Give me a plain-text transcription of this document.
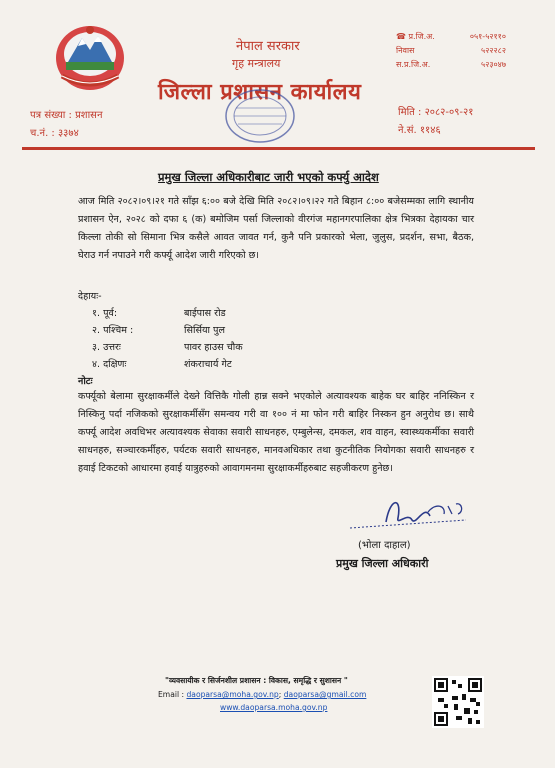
नेपाल सरकार
गृह मन्त्रालय
जिल्ला प्रशासन कार्यालय
☎ प्र.जि.अ.	०५१-५२११०
निवास	५२२२८२
स.प्र.जि.अ.	५२३०४७
पत्र संख्या : प्रशासन
च.नं. : ३३७४
मिति : २०८२-०९-२१
ने.सं. ११४६
प्रमुख जिल्ला अधिकारीबाट जारी भएको कर्फ्यु आदेश
आज मिति २०८२।०९।२१ गते साँझ ६:०० बजे देखि मिति २०८२।०९।२२ गते बिहान ८:०० बजेसम्मका लागि स्थानीय प्रशासन ऐन, २०२८ को दफा ६ (क) बमोजिम पर्सा जिल्लाको वीरगंज महानगरपालिका क्षेत्र भित्रका देहायका चार किल्ला तोकी सो सिमाना भित्र कसैले आवत जावत गर्न, कुनै पनि प्रकारको भेला, जुलुस, प्रदर्शन, सभा, बैठक, घेराउ गर्न नपाउने गरी कर्फ्यू आदेश जारी गरिएको छ।
देहायः-
१. पूर्व:	बाईपास रोड
२. पश्चिम :	सिर्सिया पुल
३. उत्तरः	पावर हाउस चौक
४. दक्षिणः	शंकराचार्य गेट
नोटः
कर्फ्यूको बेलामा सुरक्षाकर्मीले देख्ने वित्तिकै गोली हान्न सक्ने भएकोले अत्यावश्यक बाहेक घर बाहिर ननिस्किन र निस्किनु पर्दा नजिकको सुरक्षाकर्मीसँग समन्वय गरी वा १०० नं मा फोन गरी बाहिर निस्कन हुन अनुरोध छ। साथै कर्फ्यू आदेश अवधिभर अत्यावश्यक सेवाका सवारी साधनहरु, एम्बुलेन्स, दमकल, शव वाहन, स्वास्थ्यकर्मीका सवारी साधनहरु, सञ्चारकर्मीहरु, पर्यटक सवारी साधनहरु, मानवअधिकार तथा कुटनीतिक नियोगका सवारी साधनहरु र हवाई टिकटको आधारमा हवाई यात्रुहरुको आवागमनमा सुरक्षाकर्मीहरुबाट सहजीकरण हुनेछ।
(भोला दाहाल)
प्रमुख जिल्ला अधिकारी
"व्यवसायीक र सिर्जनशील प्रशासन : विकास, समृद्धि र सुशासन "
Email : daoparsa@moha.gov.np; daoparsa@gmail.com
www.daoparsa.moha.gov.np
